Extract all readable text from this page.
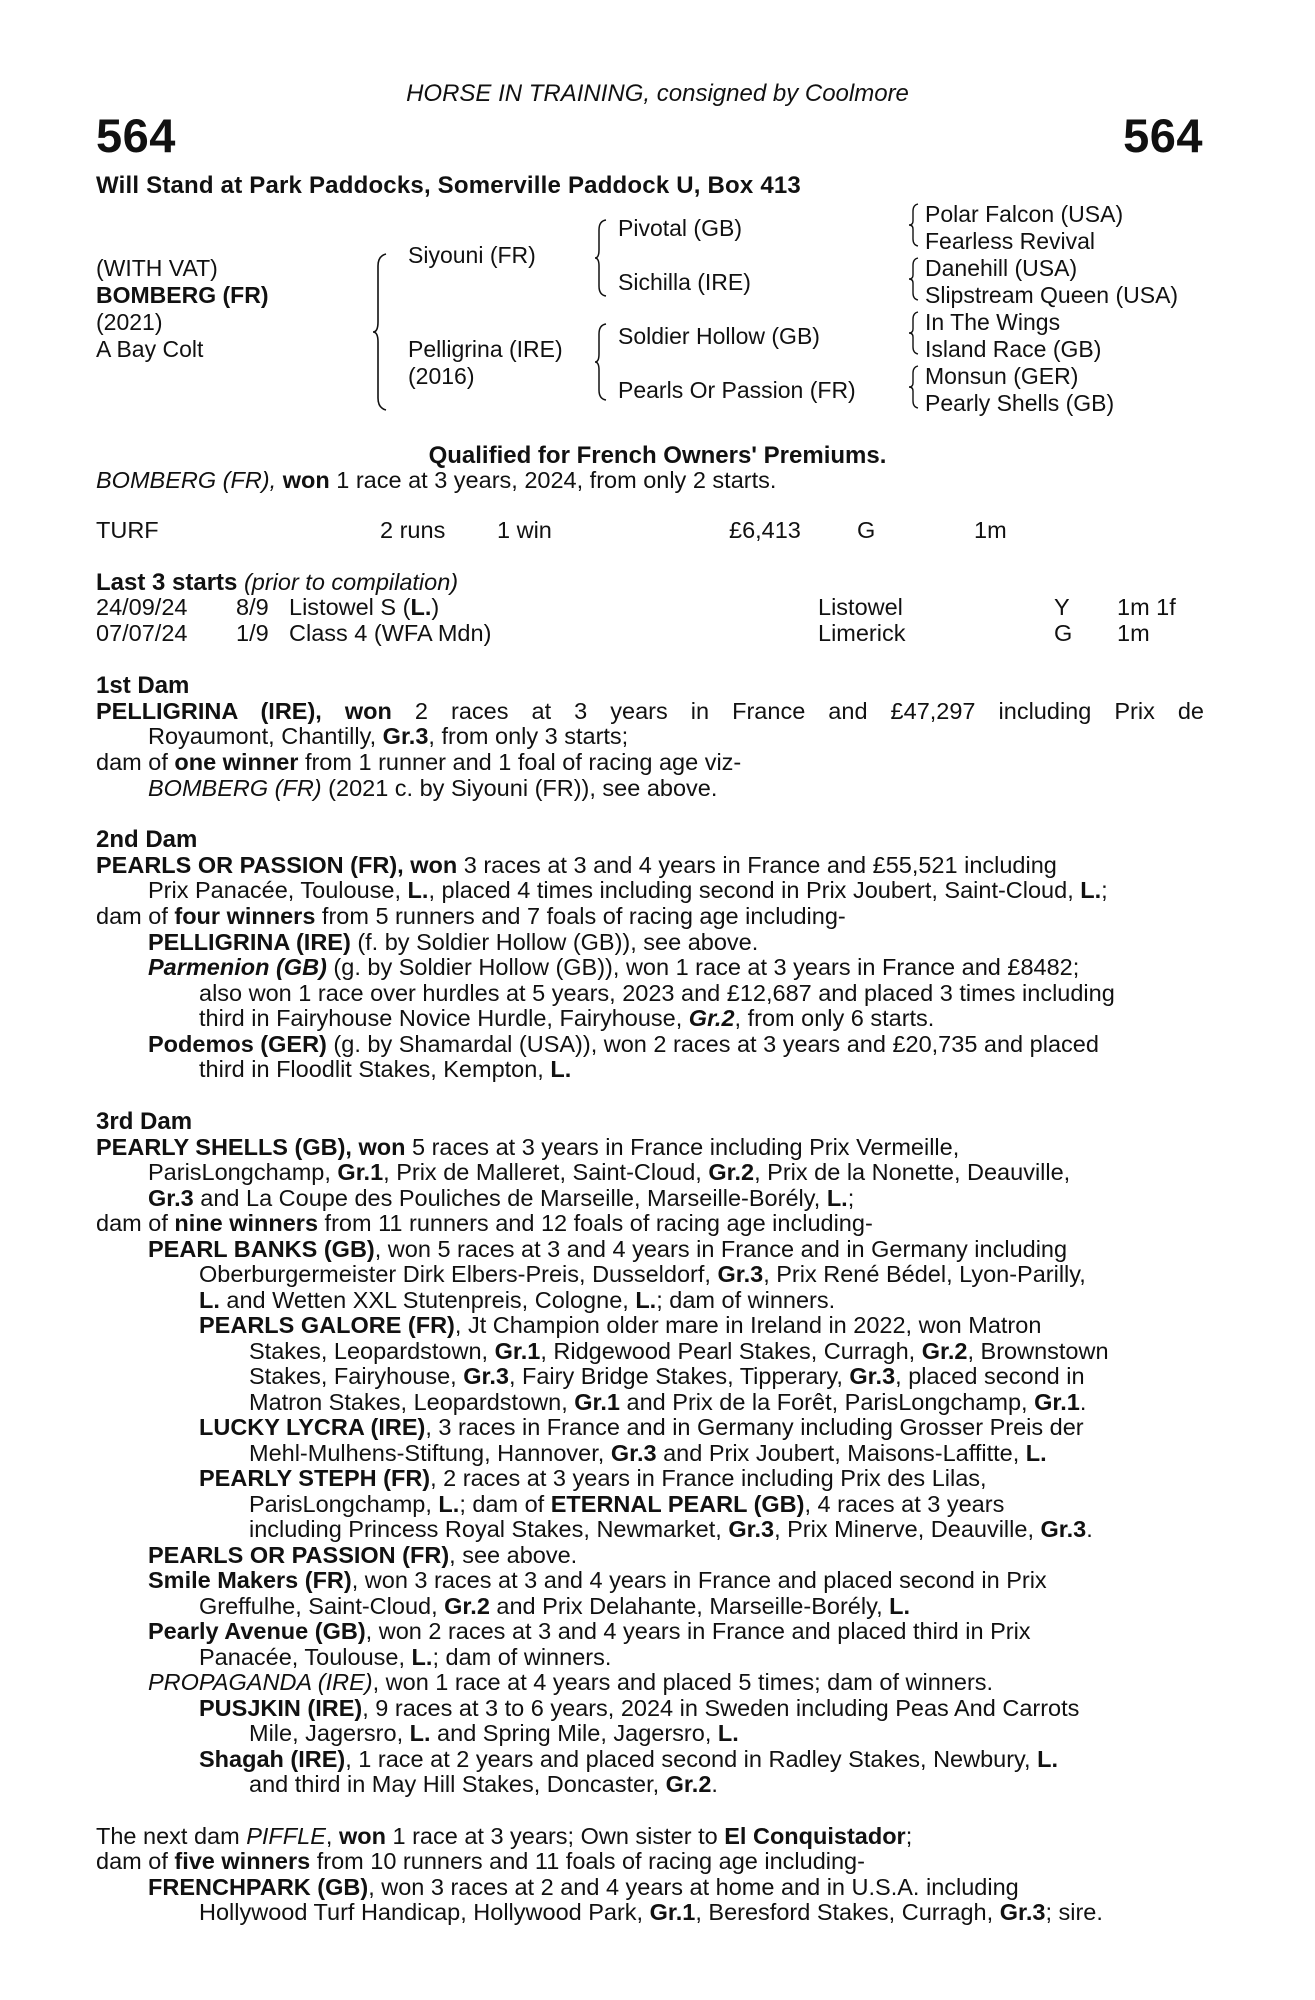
HORSE IN TRAINING, consigned by Coolmore
564	564
Will Stand at Park Paddocks, Somerville Paddock U, Box 413
(WITH VAT)
BOMBERG (FR)
(2021)
A Bay Colt
Siyouni (FR)
Pelligrina (IRE)
(2016)
Pivotal (GB)
Sichilla (IRE)
Soldier Hollow (GB)
Pearls Or Passion (FR)
Polar Falcon (USA)
Fearless Revival
Danehill (USA)
Slipstream Queen (USA)
In The Wings
Island Race (GB)
Monsun (GER)
Pearly Shells (GB)
Qualified for French Owners' Premiums.
BOMBERG (FR), won 1 race at 3 years, 2024, from only 2 starts.
TURF	2 runs 1 win	£6,413 G	1m
Last 3 starts (prior to compilation)
24/09/24 8/9 Listowel S (L.)	Listowel	Y 1m 1f
07/07/24 1/9 Class 4 (WFA Mdn)	Limerick	G 1m
1st Dam
PELLIGRINA (IRE), won 2 races at 3 years in France and £47,297 including Prix de
Royaumont, Chantilly, Gr.3, from only 3 starts;
dam of one winner from 1 runner and 1 foal of racing age viz-
BOMBERG (FR) (2021 c. by Siyouni (FR)), see above.
2nd Dam
PEARLS OR PASSION (FR), won 3 races at 3 and 4 years in France and £55,521 including
Prix Panacée, Toulouse, L., placed 4 times including second in Prix Joubert, Saint-Cloud, L.;
dam of four winners from 5 runners and 7 foals of racing age including-
PELLIGRINA (IRE) (f. by Soldier Hollow (GB)), see above.
Parmenion (GB) (g. by Soldier Hollow (GB)), won 1 race at 3 years in France and £8482;
also won 1 race over hurdles at 5 years, 2023 and £12,687 and placed 3 times including
third in Fairyhouse Novice Hurdle, Fairyhouse, Gr.2, from only 6 starts.
Podemos (GER) (g. by Shamardal (USA)), won 2 races at 3 years and £20,735 and placed
third in Floodlit Stakes, Kempton, L.
3rd Dam
PEARLY SHELLS (GB), won 5 races at 3 years in France including Prix Vermeille,
ParisLongchamp, Gr.1, Prix de Malleret, Saint-Cloud, Gr.2, Prix de la Nonette, Deauville,
Gr.3 and La Coupe des Pouliches de Marseille, Marseille-Borély, L.;
dam of nine winners from 11 runners and 12 foals of racing age including-
PEARL BANKS (GB), won 5 races at 3 and 4 years in France and in Germany including
Oberburgermeister Dirk Elbers-Preis, Dusseldorf, Gr.3, Prix René Bédel, Lyon-Parilly,
L. and Wetten XXL Stutenpreis, Cologne, L.; dam of winners.
PEARLS GALORE (FR), Jt Champion older mare in Ireland in 2022, won Matron
Stakes, Leopardstown, Gr.1, Ridgewood Pearl Stakes, Curragh, Gr.2, Brownstown
Stakes, Fairyhouse, Gr.3, Fairy Bridge Stakes, Tipperary, Gr.3, placed second in
Matron Stakes, Leopardstown, Gr.1 and Prix de la Forêt, ParisLongchamp, Gr.1.
LUCKY LYCRA (IRE), 3 races in France and in Germany including Grosser Preis der
Mehl-Mulhens-Stiftung, Hannover, Gr.3 and Prix Joubert, Maisons-Laffitte, L.
PEARLY STEPH (FR), 2 races at 3 years in France including Prix des Lilas,
ParisLongchamp, L.; dam of ETERNAL PEARL (GB), 4 races at 3 years
including Princess Royal Stakes, Newmarket, Gr.3, Prix Minerve, Deauville, Gr.3.
PEARLS OR PASSION (FR), see above.
Smile Makers (FR), won 3 races at 3 and 4 years in France and placed second in Prix
Greffulhe, Saint-Cloud, Gr.2 and Prix Delahante, Marseille-Borély, L.
Pearly Avenue (GB), won 2 races at 3 and 4 years in France and placed third in Prix
Panacée, Toulouse, L.; dam of winners.
PROPAGANDA (IRE), won 1 race at 4 years and placed 5 times; dam of winners.
PUSJKIN (IRE), 9 races at 3 to 6 years, 2024 in Sweden including Peas And Carrots
Mile, Jagersro, L. and Spring Mile, Jagersro, L.
Shagah (IRE), 1 race at 2 years and placed second in Radley Stakes, Newbury, L.
and third in May Hill Stakes, Doncaster, Gr.2.
The next dam PIFFLE, won 1 race at 3 years; Own sister to El Conquistador;
dam of five winners from 10 runners and 11 foals of racing age including-
FRENCHPARK (GB), won 3 races at 2 and 4 years at home and in U.S.A. including
Hollywood Turf Handicap, Hollywood Park, Gr.1, Beresford Stakes, Curragh, Gr.3; sire.
